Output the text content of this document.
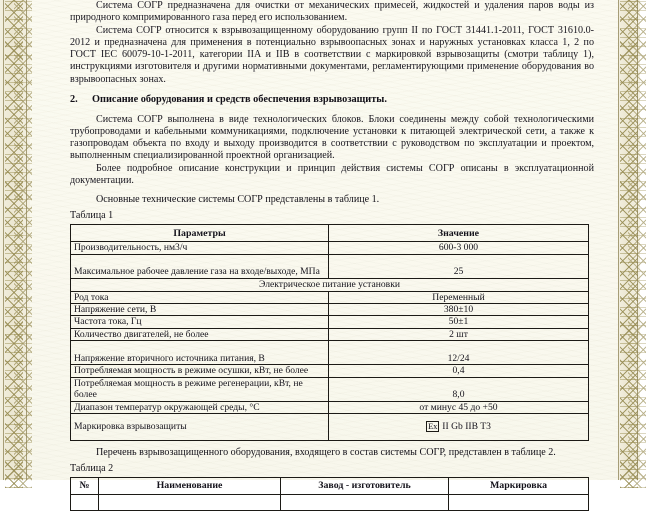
Система СОГР предназначена для очистки от механических примесей, жидкостей и удаления паров воды из природного компримированного газа перед его использованием.

Система СОГР относится к взрывозащищенному оборудованию групп II по ГОСТ 31441.1-2011, ГОСТ 31610.0-2012 и предназначена для применения в потенциально взрывоопасных зонах и наружных установках класса 1, 2 по ГОСТ IEC 60079-10-1-2011, категории IIA и IIB в соответствии с маркировкой взрывозащиты (смотри таблицу 1), инструкциями изготовителя и другими нормативными документами, регламентирующими применение оборудования во взрывоопасных зонах.

2.	Описание оборудования и средств обеспечения взрывозащиты.

Система СОГР выполнена в виде технологических блоков. Блоки соединены между собой технологическими трубопроводами и кабельными коммуникациями, подключение установки к питающей электрической сети, а также к газопроводам объекта по входу и выходу производится в соответствии с руководством по эксплуатации и проектом, выполненным специализированной проектной организацией.

Более подробное описание конструкции и принцип действия системы СОГР описаны в эксплуатационной документации.

Основные технические системы СОГР представлены в таблице 1.

Таблица 1

Параметры	Значение
Производительность, нм3/ч	600-3 000
Максимальное рабочее давление газа на входе/выходе, МПа	25
Электрическое питание установки	
Род тока	Переменный
Напряжение сети, В	380±10
Частота тока, Гц	50±1
Количество двигателей, не более	2 шт
Напряжение вторичного источника питания, В	12/24
Потребляемая мощность в режиме осушки, кВт, не более	0,4
Потребляемая мощность в режиме регенерации, кВт, не более	8,0
Диапазон температур окружающей среды, °С	от минус 45 до +50
Маркировка взрывозащиты	Ex II Gb IIB T3

Перечень взрывозащищенного оборудования, входящего в состав системы СОГР, представлен в таблице 2.

Таблица 2

№	Наименование	Завод - изготовитель	Маркировка
